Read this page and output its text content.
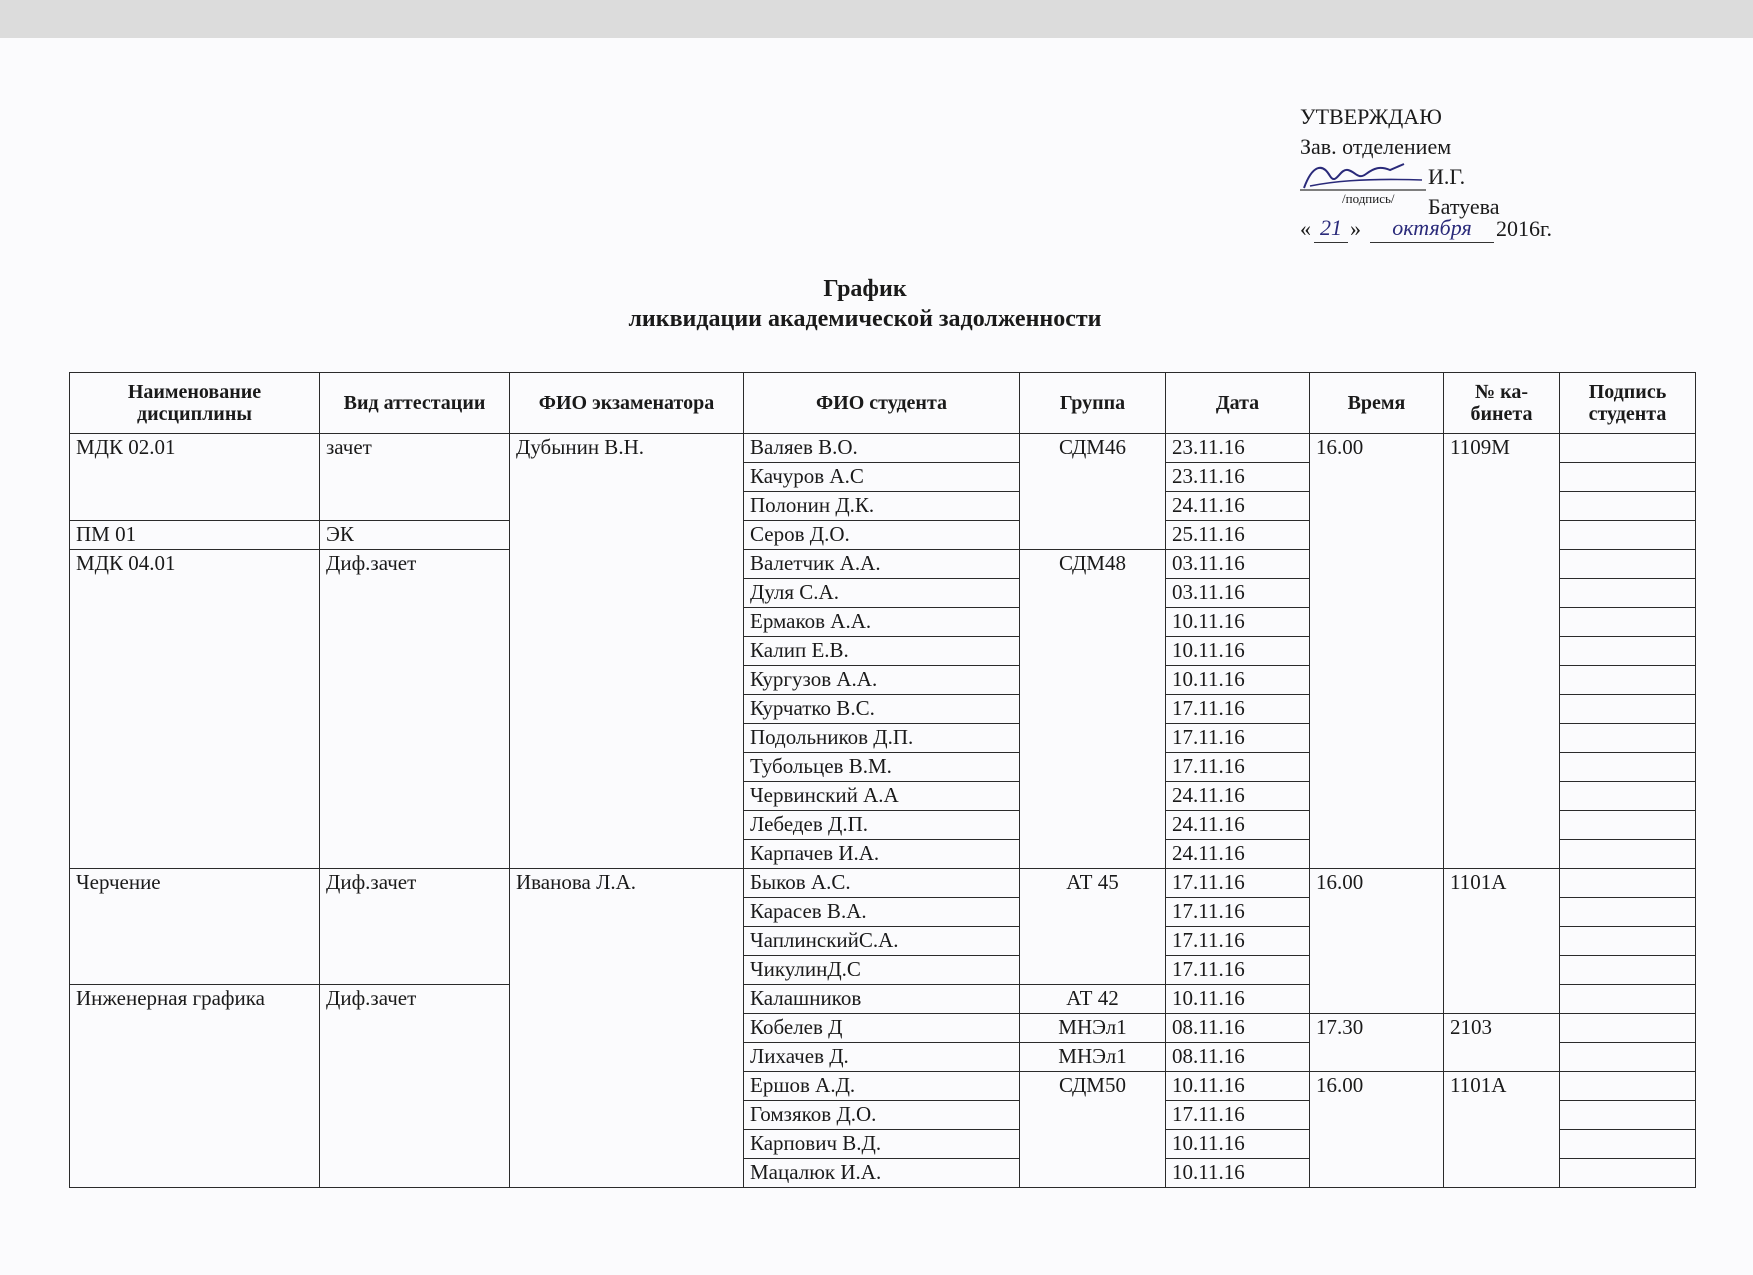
УТВЕРЖДАЮ
Зав. отделением
И.Г. Батуева
/подпись/
« 21 »	октября	2016г.
График
ликвидации академической задолженности
Наименование дисциплины	Вид аттестации	ФИО экзаменатора	ФИО студента	Группа	Дата	Время	№ ка-бинета	Подпись студента
МДК 02.01	зачет	Дубынин В.Н.	Валяев В.О.	СДМ46	23.11.16	16.00	1109М	
			Качуров А.С		23.11.16			
			Полонин Д.К.		24.11.16			
ПМ 01	ЭК		Серов Д.О.		25.11.16			
МДК 04.01	Диф.зачет		Валетчик А.А.	СДМ48	03.11.16			
			Дуля С.А.		03.11.16			
			Ермаков А.А.		10.11.16			
			Калип Е.В.		10.11.16			
			Кургузов А.А.		10.11.16			
			Курчатко В.С.		17.11.16			
			Подольников Д.П.		17.11.16			
			Тубольцев В.М.		17.11.16			
			Червинский А.А		24.11.16			
			Лебедев Д.П.		24.11.16			
			Карпачев И.А.		24.11.16			
Черчение	Диф.зачет	Иванова Л.А.	Быков А.С.	АТ 45	17.11.16	16.00	1101А	
			Карасев В.А.		17.11.16			
			ЧаплинскийС.А.		17.11.16			
			ЧикулинД.С		17.11.16			
Инженерная графика	Диф.зачет		Калашников	АТ 42	10.11.16			
			Кобелев Д	МНЭл1	08.11.16	17.30	2103	
			Лихачев Д.	МНЭл1	08.11.16			
			Ершов А.Д.	СДМ50	10.11.16	16.00	1101А	
			Гомзяков Д.О.		17.11.16			
			Карпович В.Д.		10.11.16			
			Мацалюк И.А.		10.11.16			
